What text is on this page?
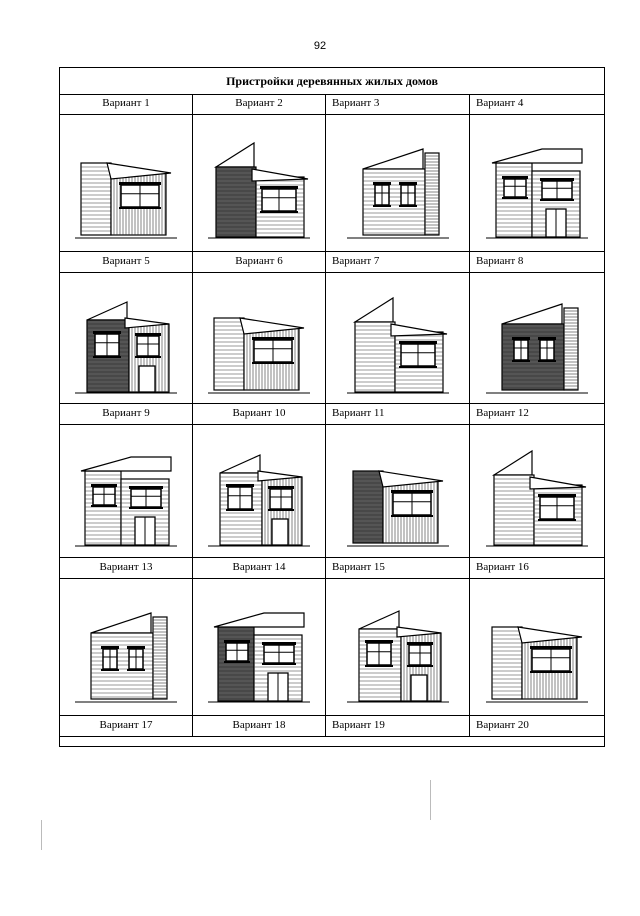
92
Пристройки деревянных жилых домов
Вариант 1	Вариант 2	Вариант 3	Вариант 4
Вариант 5	Вариант 6	Вариант 7	Вариант 8
Вариант 9	Вариант 10	Вариант 11	Вариант 12
Вариант 13	Вариант 14	Вариант 15	Вариант 16
Вариант 17	Вариант 18	Вариант 19	Вариант 20
